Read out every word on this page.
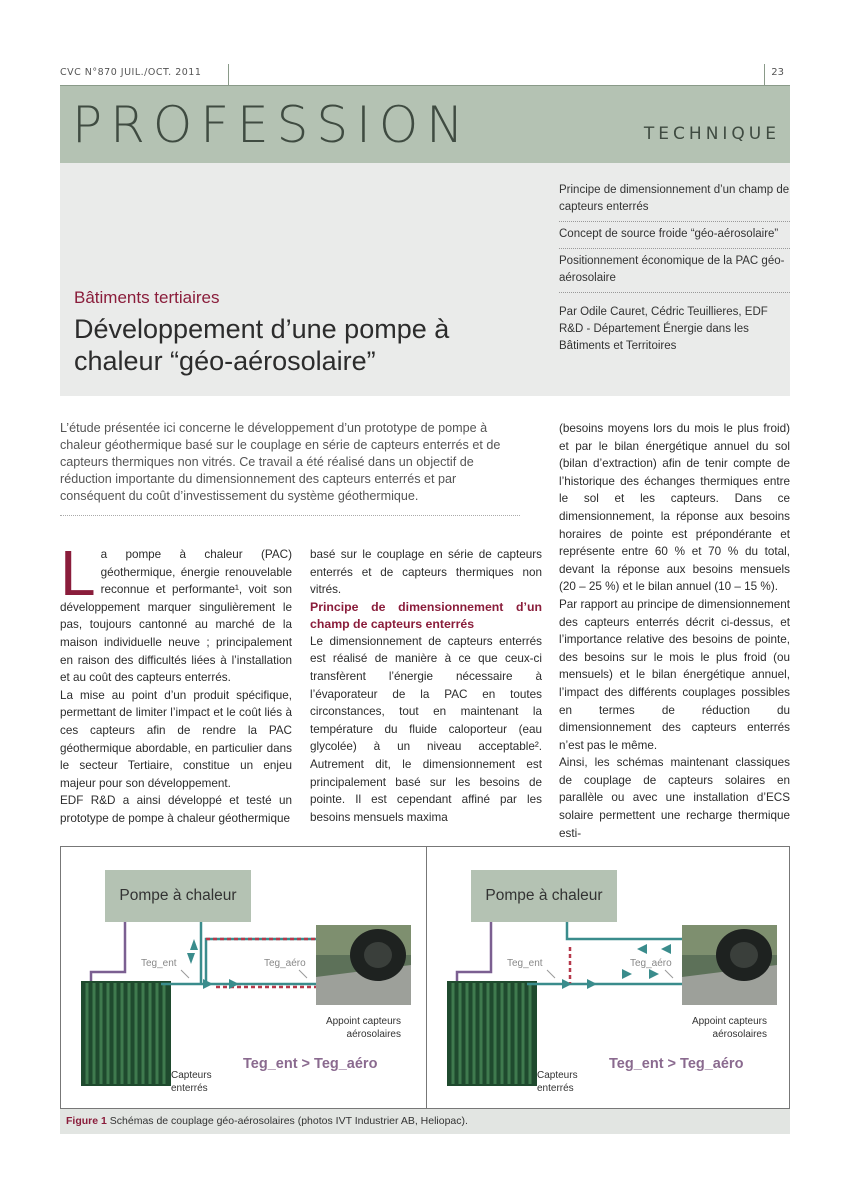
CVC N°870 JUIL./OCT. 2011	23
PROFESSION	TECHNIQUE
Bâtiments tertiaires
Développement d’une pompe à chaleur “géo-aérosolaire”
Principe de dimensionnement d’un champ de capteurs enterrés
Concept de source froide “géo-aérosolaire”
Positionnement économique de la PAC géo-aérosolaire
Par Odile Cauret, Cédric Teuillieres, EDF R&D - Département Énergie dans les Bâtiments et Territoires
L’étude présentée ici concerne le développement d’un prototype de pompe à chaleur géothermique basé sur le couplage en série de capteurs enterrés et de capteurs thermiques non vitrés. Ce travail a été réalisé dans un objectif de réduction importante du dimensionnement des capteurs enterrés et par conséquent du coût d’investissement du système géothermique.

La pompe à chaleur (PAC) géothermique, énergie renouvelable reconnue et performante¹, voit son développement marquer singulièrement le pas, toujours cantonné au marché de la maison individuelle neuve ; principalement en raison des difficultés liées à l’installation et au coût des capteurs enterrés.

La mise au point d’un produit spécifique, permettant de limiter l’impact et le coût liés à ces capteurs afin de rendre la PAC géothermique abordable, en particulier dans le secteur Tertiaire, constitue un enjeu majeur pour son développement.

EDF R&D a ainsi développé et testé un prototype de pompe à chaleur géothermique

basé sur le couplage en série de capteurs enterrés et de capteurs thermiques non vitrés.

Principe de dimensionnement d’un champ de capteurs enterrés

Le dimensionnement de capteurs enterrés est réalisé de manière à ce que ceux-ci transfèrent l’énergie nécessaire à l’évaporateur de la PAC en toutes circonstances, tout en maintenant la température du fluide caloporteur (eau glycolée) à un niveau acceptable². Autrement dit, le dimensionnement est principalement basé sur les besoins de pointe. Il est cependant affiné par les besoins mensuels maxima

(besoins moyens lors du mois le plus froid) et par le bilan énergétique annuel du sol (bilan d’extraction) afin de tenir compte de l’historique des échanges thermiques entre le sol et les capteurs. Dans ce dimensionnement, la réponse aux besoins horaires de pointe est prépondérante et représente entre 60 % et 70 % du total, devant la réponse aux besoins mensuels (20 – 25 %) et le bilan annuel (10 – 15 %).

Par rapport au principe de dimensionnement des capteurs enterrés décrit ci-dessus, et l’importance relative des besoins de pointe, des besoins sur le mois le plus froid (ou mensuels) et le bilan énergétique annuel, l’impact des différents couplages possibles en termes de réduction du dimensionnement des capteurs enterrés n’est pas le même.

Ainsi, les schémas maintenant classiques de couplage de capteurs solaires en parallèle ou avec une installation d’ECS solaire permettent une recharge thermique esti-

Pompe à chaleur
Teg_ent	Teg_aéro
Appoint capteurs aérosolaires
Capteurs enterrés
Teg_ent > Teg_aéro
Pompe à chaleur
Teg_ent	Teg_aéro
Appoint capteurs aérosolaires
Capteurs enterrés
Teg_ent > Teg_aéro
Figure 1 Schémas de couplage géo-aérosolaires (photos IVT Industrier AB, Heliopac).
